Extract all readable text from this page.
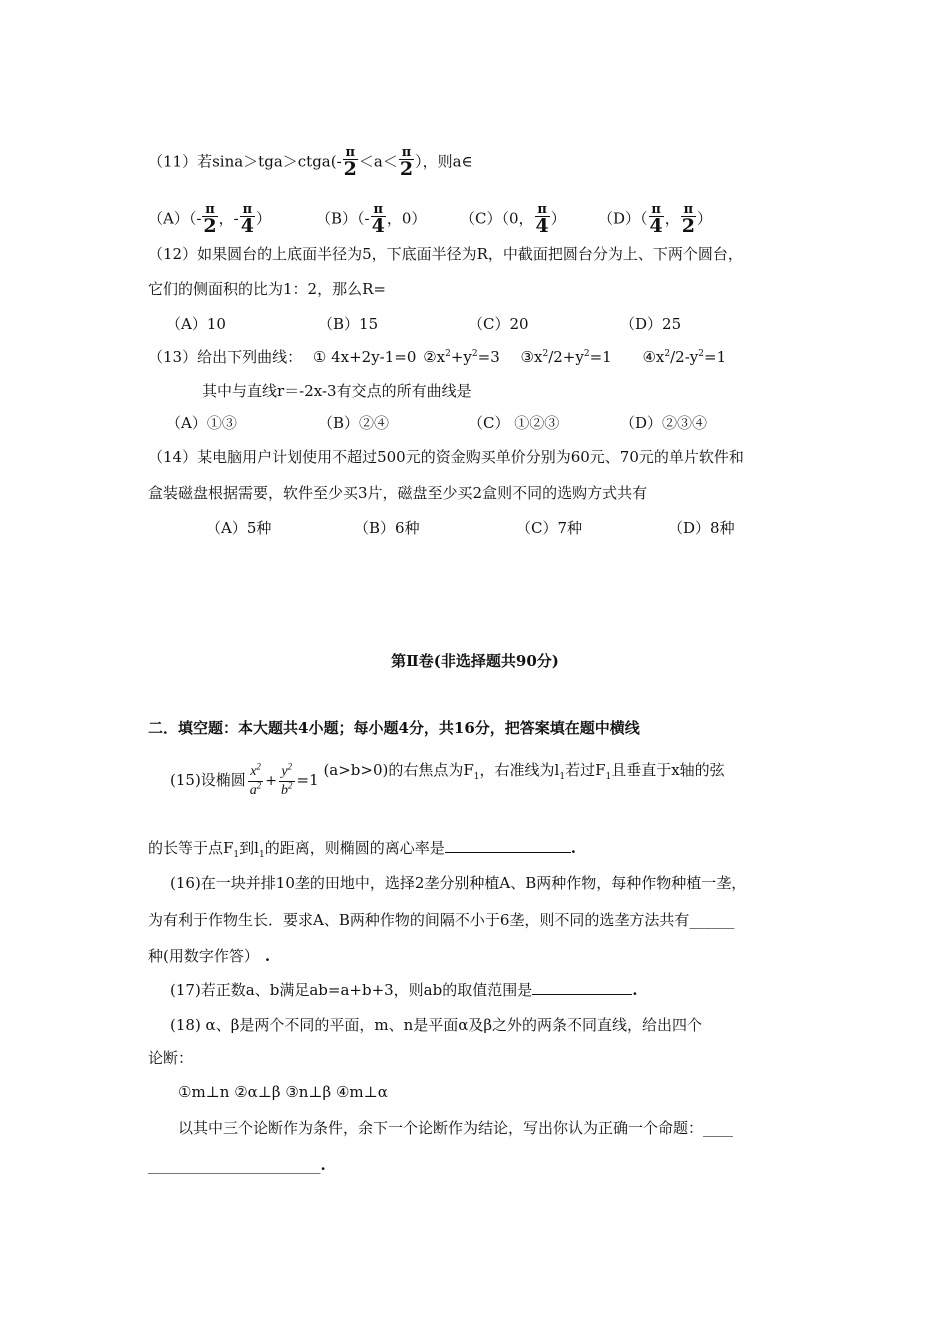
（11）若sina＞tga＞ctga(- $\frac{\pi}{2} <a< \frac{\pi}{2}$ ），则a∈
$(A)(- \frac{\pi}{2}$ ，- $\frac{\pi}{4}$ ）	$(B)(- \frac{\pi}{4}$ ，0） （C）（0， $\frac{\pi}{4}$ ） $(D)( \frac{\pi}{4}$ ， $\frac{\pi}{2}$ ）
（12）如果圆台的上底面半径为5，下底面半径为R，中截面把圆台分为上、下两个圆台，
它们的侧面积的比为1：2，那么R=
（A）10	（B）15	（C）20	（D）25
（13）给出下列曲线： ① 4x+2y-1=0 $②x^2+y^2=3$ $③x^2/2+y^2=1$ $④x^2/2-y^2=1$
其中与直线r＝-2x-3有交点的所有曲线是
（A）①③	（B）②④	（C） ①②③	（D）②③④
（14）某电脑用户计划使用不超过500元的资金购买单价分别为60元、70元的单片软件和
盒装磁盘根据需要，软件至少买3片，磁盘至少买2盒则不同的选购方式共有
（A）5种	（B）6种	（C）7种	（D）8种
第Ⅱ卷(非选择题共90分)
二．填空题：本大题共4小题；每小题4分，共16分，把答案填在题中横线
(15)设椭圆 $\frac{x^2}{a^2} + \frac{y^2}{b^2} =1$ (a>b>0)的右焦点为$F_1$，右准线为$l_1$若过$F_1$且垂直于x轴的弦
的长等于点$F_1$到$l_1$的距离，则椭圆的离心率是	.
(16)在一块并排10垄的田地中，选择2垄分别种植A、B两种作物，每种作物种植一垄，
为有利于作物生长．要求A、B两种作物的间隔不小于6垄，则不同的选垄方法共有______
种(用数字作答） .
(17)若正数a、b满足ab=a+b+3，则ab的取值范围是	.
(18) α、β是两个不同的平面，m、n是平面α及β之外的两条不同直线，给出四个
论断：
①m⊥n ②α⊥β ③n⊥β ④m⊥α
以其中三个论断作为条件，余下一个论断作为结论，写出你认为正确一个命题：____
_______________________.
